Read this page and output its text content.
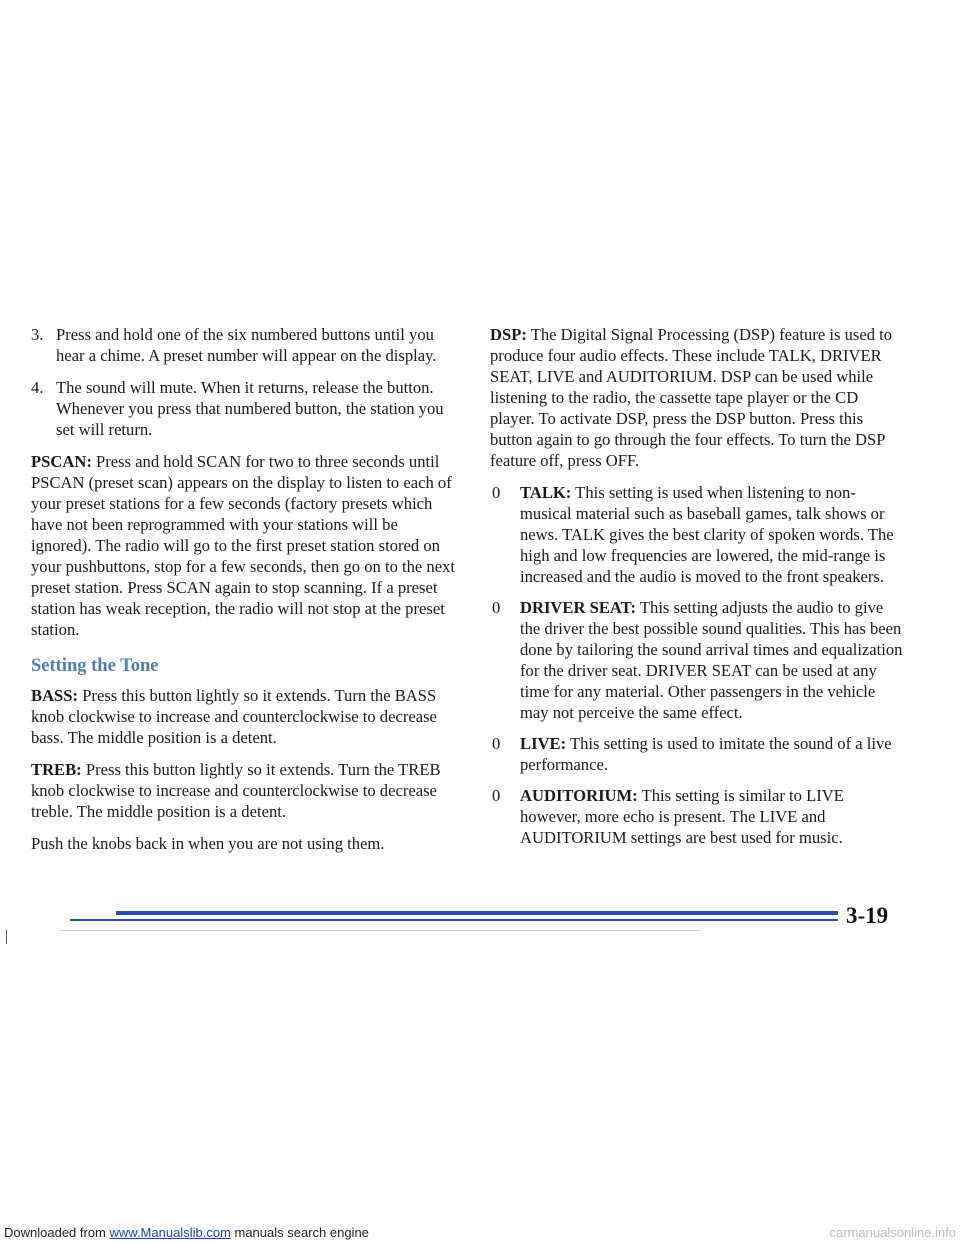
3. Press and hold one of the six numbered buttons until you hear a chime. A preset number will appear on the display.
4. The sound will mute. When it returns, release the button. Whenever you press that numbered button, the station you set will return.

PSCAN: Press and hold SCAN for two to three seconds until PSCAN (preset scan) appears on the display to listen to each of your preset stations for a few seconds (factory presets which have not been reprogrammed with your stations will be ignored). The radio will go to the first preset station stored on your pushbuttons, stop for a few seconds, then go on to the next preset station. Press SCAN again to stop scanning. If a preset station has weak reception, the radio will not stop at the preset station.

Setting the Tone

BASS: Press this button lightly so it extends. Turn the BASS knob clockwise to increase and counterclockwise to decrease bass. The middle position is a detent.

TREB: Press this button lightly so it extends. Turn the TREB knob clockwise to increase and counterclockwise to decrease treble. The middle position is a detent.

Push the knobs back in when you are not using them.

DSP: The Digital Signal Processing (DSP) feature is used to produce four audio effects. These include TALK, DRIVER SEAT, LIVE and AUDITORIUM. DSP can be used while listening to the radio, the cassette tape player or the CD player. To activate DSP, press the DSP button. Press this button again to go through the four effects. To turn the DSP feature off, press OFF.

0	TALK: This setting is used when listening to non-musical material such as baseball games, talk shows or news. TALK gives the best clarity of spoken words. The high and low frequencies are lowered, the mid-range is increased and the audio is moved to the front speakers.
0	DRIVER SEAT: This setting adjusts the audio to give the driver the best possible sound qualities. This has been done by tailoring the sound arrival times and equalization for the driver seat. DRIVER SEAT can be used at any time for any material. Other passengers in the vehicle may not perceive the same effect.
0	LIVE: This setting is used to imitate the sound of a live performance.
0	AUDITORIUM: This setting is similar to LIVE however, more echo is present. The LIVE and AUDITORIUM settings are best used for music.
3-19
Downloaded from www.Manualslib.com manuals search engine	carmanualsonline.info
